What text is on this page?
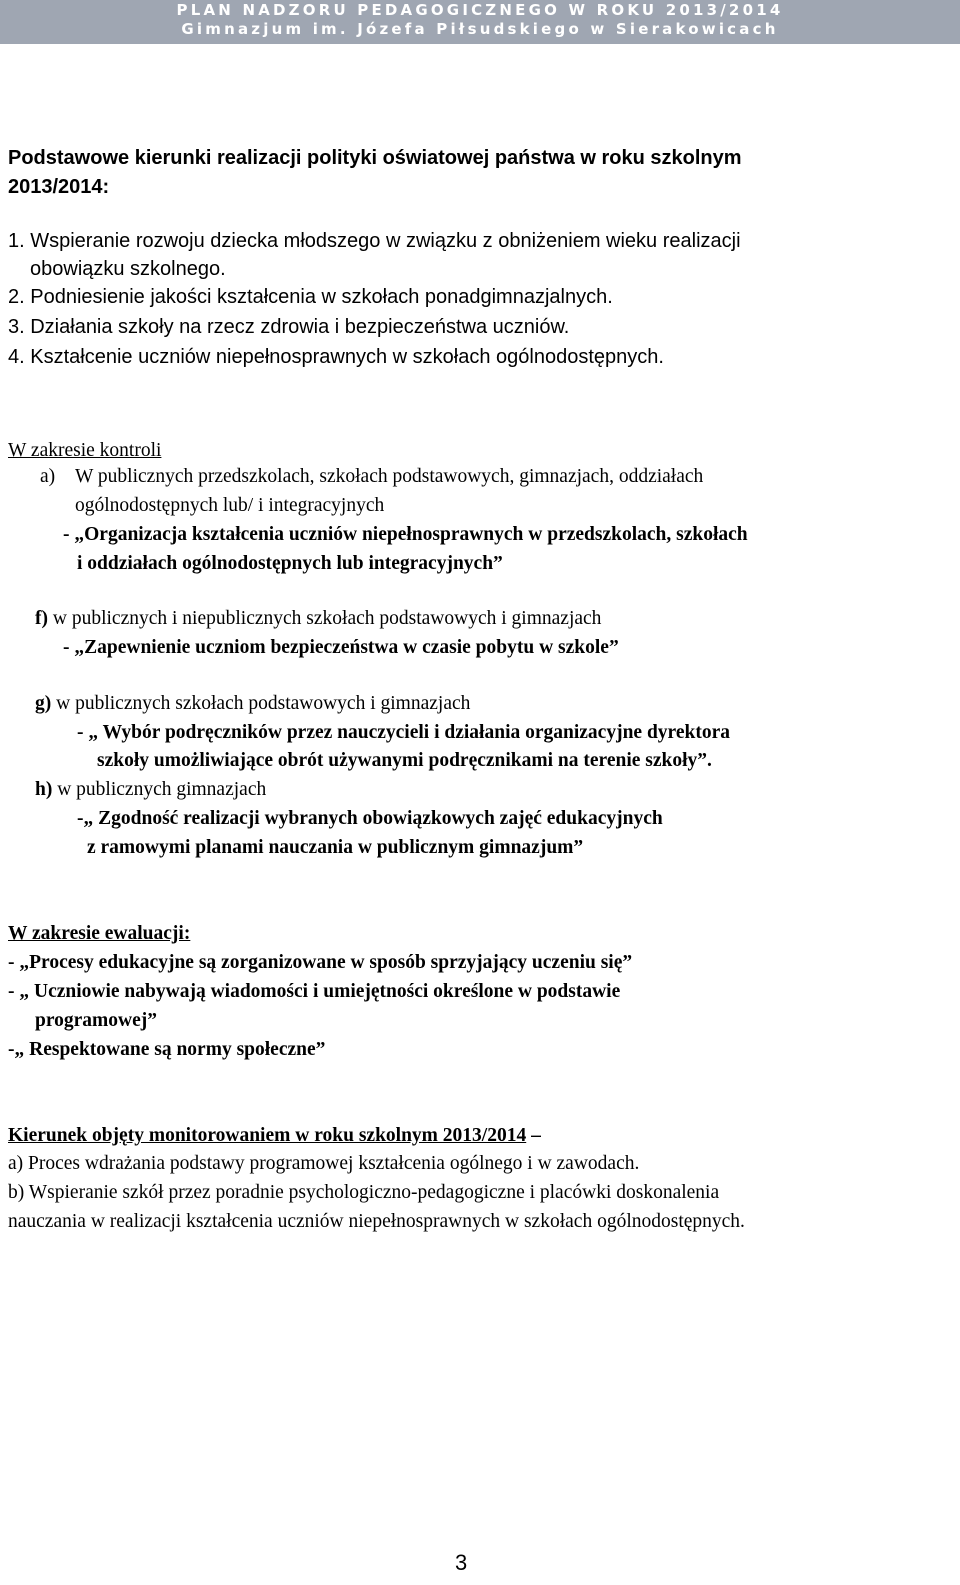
PLAN NADZORU PEDAGOGICZNEGO W ROKU 2013/2014
Gimnazjum im. Józefa Piłsudskiego w Sierakowicach
Podstawowe kierunki realizacji polityki oświatowej państwa w roku szkolnym
2013/2014:
1. Wspieranie rozwoju dziecka młodszego w związku z obniżeniem wieku realizacji
obowiązku szkolnego.
2. Podniesienie jakości kształcenia w szkołach ponadgimnazjalnych.
3. Działania szkoły na rzecz zdrowia i bezpieczeństwa uczniów.
4. Kształcenie uczniów niepełnosprawnych w szkołach ogólnodostępnych.
W zakresie kontroli
a) W publicznych przedszkolach, szkołach podstawowych, gimnazjach, oddziałach
ogólnodostępnych lub/ i integracyjnych
- „Organizacja kształcenia uczniów niepełnosprawnych w przedszkolach, szkołach
i oddziałach ogólnodostępnych lub integracyjnych”
f) w publicznych i niepublicznych szkołach podstawowych i gimnazjach
- „Zapewnienie uczniom bezpieczeństwa w czasie pobytu w szkole”
g) w publicznych szkołach podstawowych i gimnazjach
- „ Wybór podręczników przez nauczycieli i działania organizacyjne dyrektora
szkoły umożliwiające obrót używanymi podręcznikami na terenie szkoły”.
h) w publicznych gimnazjach
-„ Zgodność realizacji wybranych obowiązkowych zajęć edukacyjnych
z ramowymi planami nauczania w publicznym gimnazjum”
W zakresie ewaluacji:
- „Procesy edukacyjne są zorganizowane w sposób sprzyjający uczeniu się”
- „ Uczniowie nabywają wiadomości i umiejętności określone w podstawie
programowej”
-„ Respektowane są normy społeczne”
Kierunek objęty monitorowaniem w roku szkolnym 2013/2014 –
a) Proces wdrażania podstawy programowej kształcenia ogólnego i w zawodach.
b) Wspieranie szkół przez poradnie psychologiczno-pedagogiczne i placówki doskonalenia
nauczania w realizacji kształcenia uczniów niepełnosprawnych w szkołach ogólnodostępnych.
3
